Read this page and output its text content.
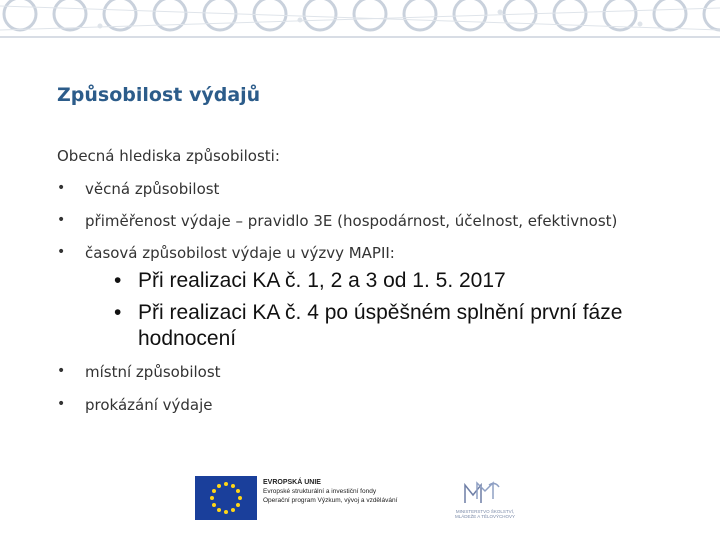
Způsobilost výdajů
Obecná hlediska způsobilosti:
• věcná způsobilost
• přiměřenost výdaje – pravidlo 3E (hospodárnost, účelnost, efektivnost)
• časová způsobilost výdaje u výzvy MAPII:
• Při realizaci KA č. 1, 2 a 3 od 1. 5. 2017
• Při realizaci KA č. 4 po úspěšném splnění první fáze hodnocení
• místní způsobilost
• prokázání výdaje
EVROPSKÁ UNIE
Evropské strukturální a investiční fondy
Operační program Výzkum, vývoj a vzdělávání
MINISTERSTVO ŠKOLSTVÍ,
MLÁDEŽE A TĚLOVÝCHOVY
